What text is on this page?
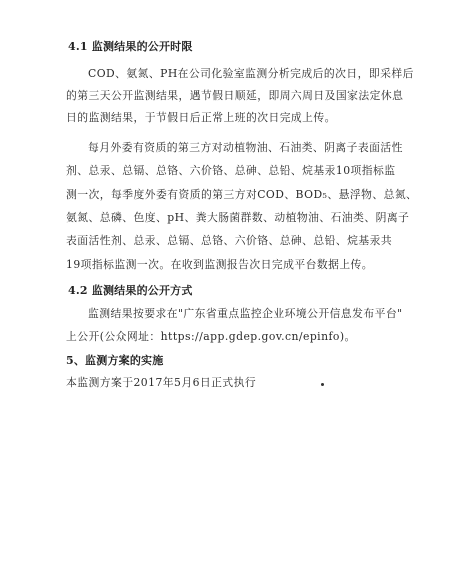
4.1 监测结果的公开时限
COD、氨氮、PH在公司化验室监测分析完成后的次日，即采样后
的第三天公开监测结果，遇节假日顺延，即周六周日及国家法定休息
日的监测结果，于节假日后正常上班的次日完成上传。
每月外委有资质的第三方对动植物油、石油类、阴离子表面活性
剂、总汞、总镉、总铬、六价铬、总砷、总铅、烷基汞10项指标监
测一次，每季度外委有资质的第三方对COD、BOD₅、悬浮物、总氮、
氨氮、总磷、色度、pH、粪大肠菌群数、动植物油、石油类、阴离子
表面活性剂、总汞、总镉、总铬、六价铬、总砷、总铅、烷基汞共
19项指标监测一次。在收到监测报告次日完成平台数据上传。
4.2 监测结果的公开方式
监测结果按要求在"广东省重点监控企业环境公开信息发布平台"
上公开(公众网址：https://app.gdep.gov.cn/epinfo)。
5、监测方案的实施
本监测方案于2017年5月6日正式执行
